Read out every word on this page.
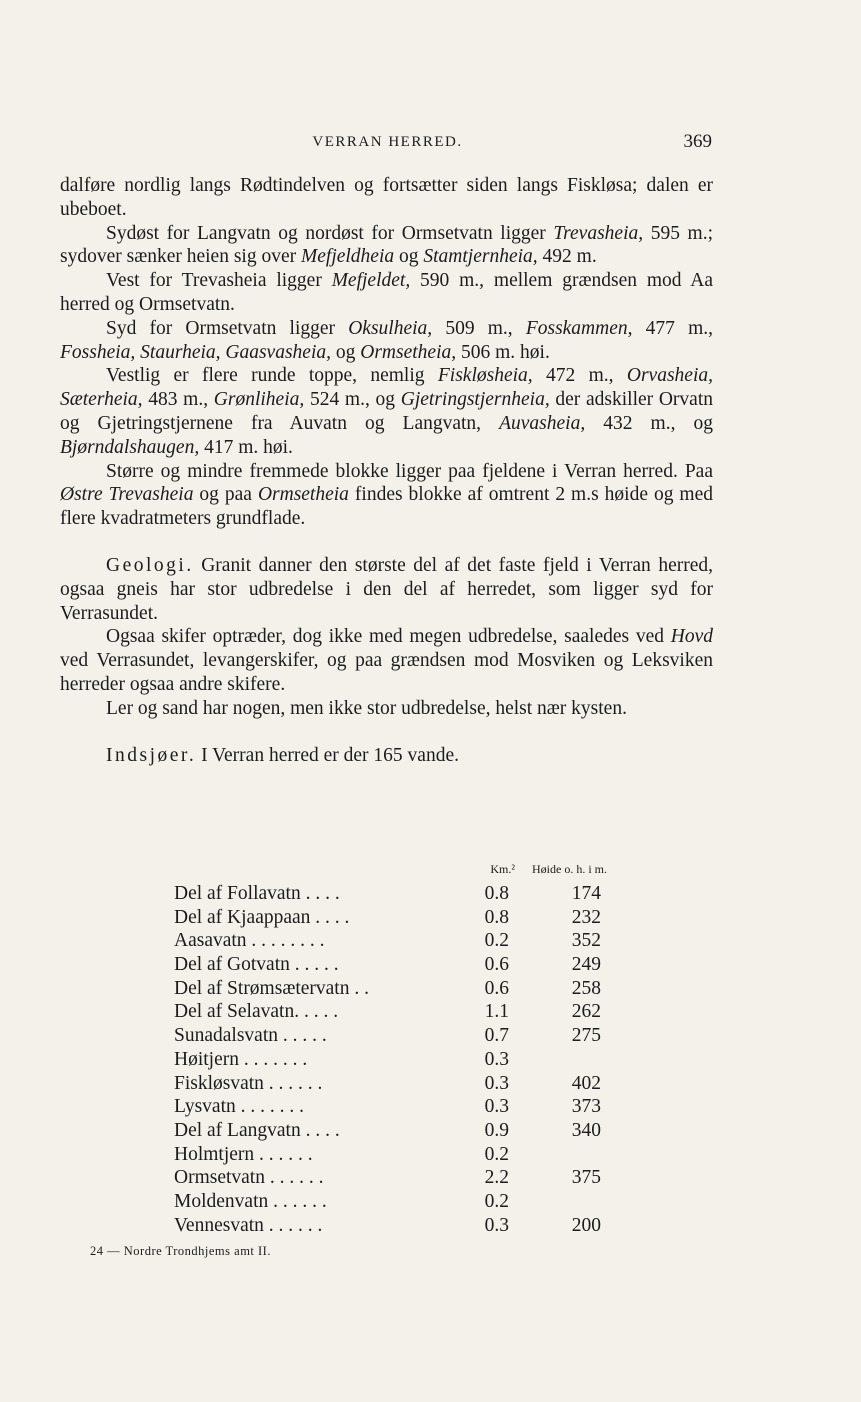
VERRAN HERRED.	369

dalføre nordlig langs Rødtindelven og fortsætter siden langs Fiskløsa; dalen er ubeboet.

Sydøst for Langvatn og nordøst for Ormsetvatn ligger Trevasheia, 595 m.; sydover sænker heien sig over Mefjeldheia og Stamtjernheia, 492 m.

Vest for Trevasheia ligger Mefjeldet, 590 m., mellem grændsen mod Aa herred og Ormsetvatn.

Syd for Ormsetvatn ligger Oksulheia, 509 m., Fosskammen, 477 m., Fossheia, Staurheia, Gaasvasheia, og Ormsetheia, 506 m. høi.

Vestlig er flere runde toppe, nemlig Fiskløsheia, 472 m., Orvasheia, Sæterheia, 483 m., Grønliheia, 524 m., og Gjetringstjernheia, der adskiller Orvatn og Gjetringstjernene fra Auvatn og Langvatn, Auvasheia, 432 m., og Bjørndalshaugen, 417 m. høi.

Større og mindre fremmede blokke ligger paa fjeldene i Verran herred. Paa Østre Trevasheia og paa Ormsetheia findes blokke af omtrent 2 m.s høide og med flere kvadratmeters grundflade.

Geologi. Granit danner den største del af det faste fjeld i Verran herred, ogsaa gneis har stor udbredelse i den del af herredet, som ligger syd for Verrasundet.

Ogsaa skifer optræder, dog ikke med megen udbredelse, saaledes ved Hovd ved Verrasundet, levangerskifer, og paa grændsen mod Mosviken og Leksviken herreder ogsaa andre skifere.

Ler og sand har nogen, men ikke stor udbredelse, helst nær kysten.

Indsjøer. I Verran herred er der 165 vande.

Km.² Høide o. h. i m.
Del af Follavatn . . . .	0.8	174
Del af Kjaappaan . . . .	0.8	232
Aasavatn . . . . . . . .	0.2	352
Del af Gotvatn . . . . .	0.6	249
Del af Strømsætervatn . .	0.6	258
Del af Selavatn. . . . .	1.1	262
Sunadalsvatn . . . . .	0.7	275
Høitjern . . . . . . .	0.3
Fiskløsvatn . . . . . .	0.3	402
Lysvatn . . . . . . .	0.3	373
Del af Langvatn . . . .	0.9	340
Holmtjern . . . . . .	0.2
Ormsetvatn . . . . . .	2.2	375
Moldenvatn . . . . . .	0.2
Vennesvatn . . . . . .	0.3	200
24 — Nordre Trondhjems amt II.
